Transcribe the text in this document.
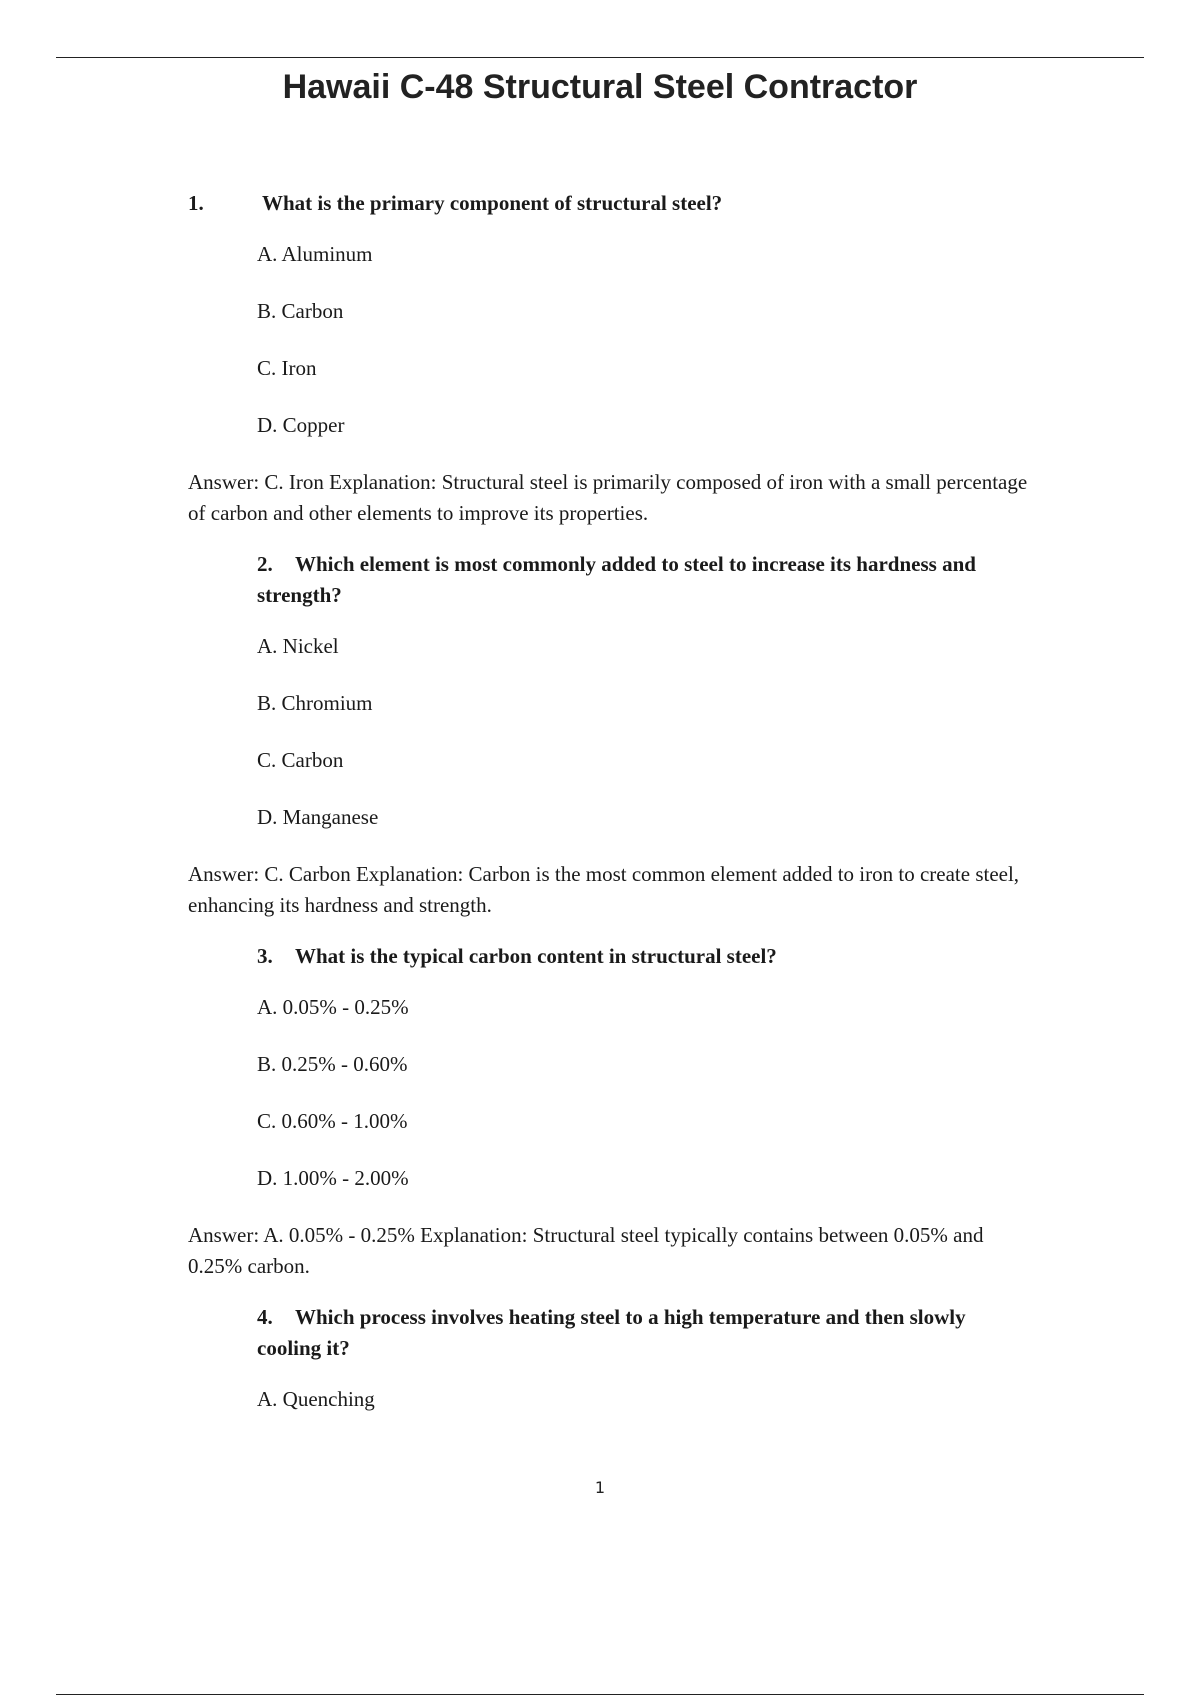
Hawaii C-48 Structural Steel Contractor
1.	What is the primary component of structural steel?
A. Aluminum
B. Carbon
C. Iron
D. Copper

Answer: C. Iron Explanation: Structural steel is primarily composed of iron with a small percentage of carbon and other elements to improve its properties.

2. Which element is most commonly added to steel to increase its hardness and strength?
A. Nickel
B. Chromium
C. Carbon
D. Manganese

Answer: C. Carbon Explanation: Carbon is the most common element added to iron to create steel, enhancing its hardness and strength.

3. What is the typical carbon content in structural steel?
A. 0.05% - 0.25%
B. 0.25% - 0.60%
C. 0.60% - 1.00%
D. 1.00% - 2.00%

Answer: A. 0.05% - 0.25% Explanation: Structural steel typically contains between 0.05% and 0.25% carbon.

4. Which process involves heating steel to a high temperature and then slowly cooling it?
A. Quenching
1
